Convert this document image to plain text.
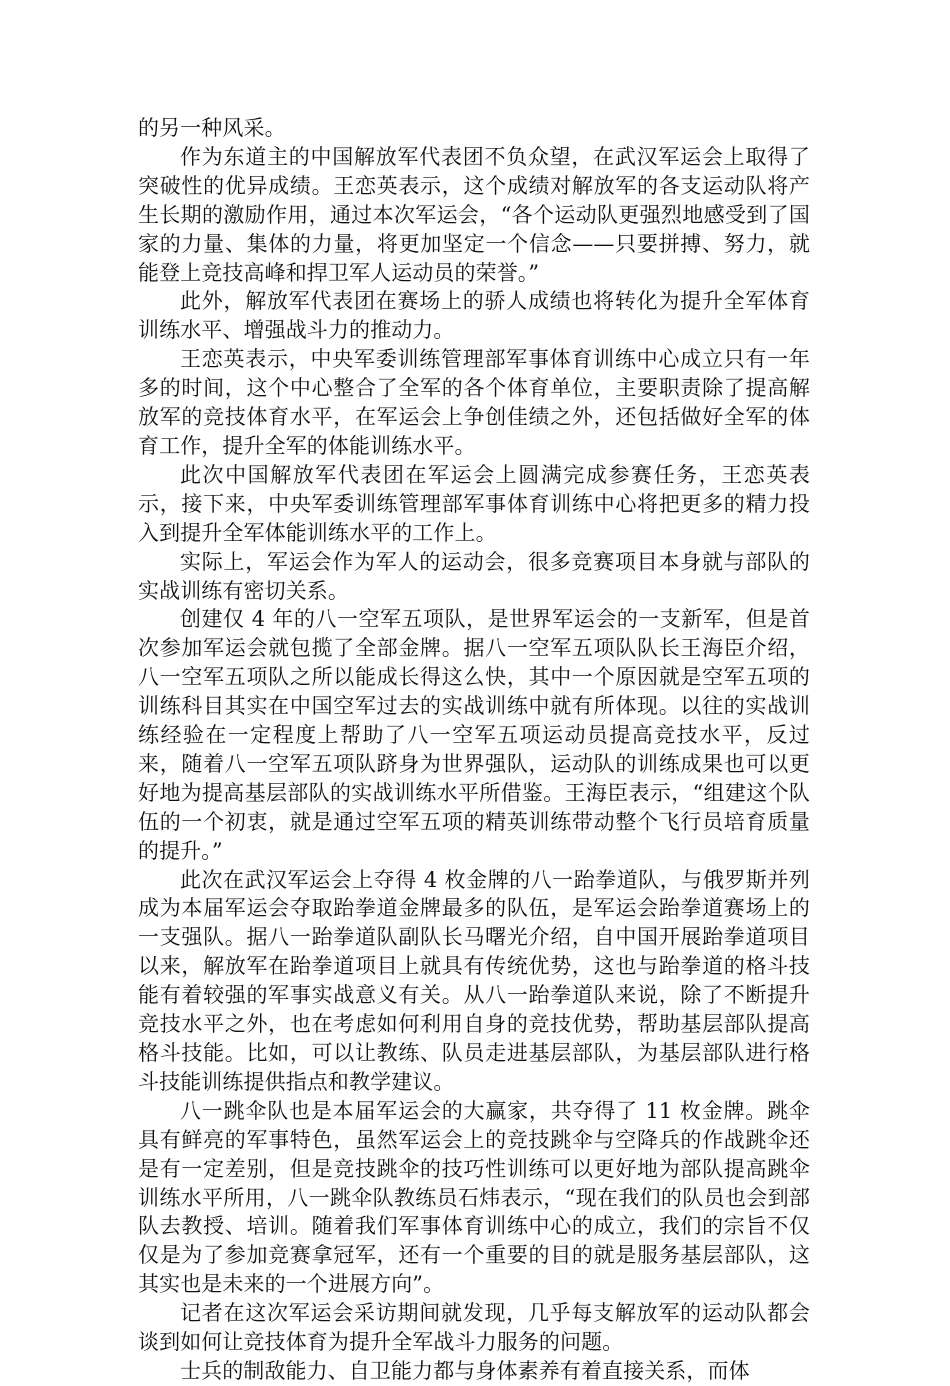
的另一种风采。

作为东道主的中国解放军代表团不负众望，在武汉军运会上取得了突破性的优异成绩。王恋英表示，这个成绩对解放军的各支运动队将产生长期的激励作用，通过本次军运会，“各个运动队更强烈地感受到了国家的力量、集体的力量，将更加坚定一个信念——只要拼搏、努力，就能登上竞技高峰和捍卫军人运动员的荣誉。”

此外，解放军代表团在赛场上的骄人成绩也将转化为提升全军体育训练水平、增强战斗力的推动力。

王恋英表示，中央军委训练管理部军事体育训练中心成立只有一年多的时间，这个中心整合了全军的各个体育单位，主要职责除了提高解放军的竞技体育水平，在军运会上争创佳绩之外，还包括做好全军的体育工作，提升全军的体能训练水平。

此次中国解放军代表团在军运会上圆满完成参赛任务，王恋英表示，接下来，中央军委训练管理部军事体育训练中心将把更多的精力投入到提升全军体能训练水平的工作上。

实际上，军运会作为军人的运动会，很多竞赛项目本身就与部队的实战训练有密切关系。

创建仅 4 年的八一空军五项队，是世界军运会的一支新军，但是首次参加军运会就包揽了全部金牌。据八一空军五项队队长王海臣介绍，八一空军五项队之所以能成长得这么快，其中一个原因就是空军五项的训练科目其实在中国空军过去的实战训练中就有所体现。以往的实战训练经验在一定程度上帮助了八一空军五项运动员提高竞技水平，反过来，随着八一空军五项队跻身为世界强队，运动队的训练成果也可以更好地为提高基层部队的实战训练水平所借鉴。王海臣表示，“组建这个队伍的一个初衷，就是通过空军五项的精英训练带动整个飞行员培育质量的提升。”

此次在武汉军运会上夺得 4 枚金牌的八一跆拳道队，与俄罗斯并列成为本届军运会夺取跆拳道金牌最多的队伍，是军运会跆拳道赛场上的一支强队。据八一跆拳道队副队长马曙光介绍，自中国开展跆拳道项目以来，解放军在跆拳道项目上就具有传统优势，这也与跆拳道的格斗技能有着较强的军事实战意义有关。从八一跆拳道队来说，除了不断提升竞技水平之外，也在考虑如何利用自身的竞技优势，帮助基层部队提高格斗技能。比如，可以让教练、队员走进基层部队，为基层部队进行格斗技能训练提供指点和教学建议。

八一跳伞队也是本届军运会的大赢家，共夺得了 11 枚金牌。跳伞具有鲜亮的军事特色，虽然军运会上的竞技跳伞与空降兵的作战跳伞还是有一定差别，但是竞技跳伞的技巧性训练可以更好地为部队提高跳伞训练水平所用，八一跳伞队教练员石炜表示，“现在我们的队员也会到部队去教授、培训。随着我们军事体育训练中心的成立，我们的宗旨不仅仅是为了参加竞赛拿冠军，还有一个重要的目的就是服务基层部队，这其实也是未来的一个进展方向”。

记者在这次军运会采访期间就发现，几乎每支解放军的运动队都会谈到如何让竞技体育为提升全军战斗力服务的问题。

士兵的制敌能力、自卫能力都与身体素养有着直接关系，而体
